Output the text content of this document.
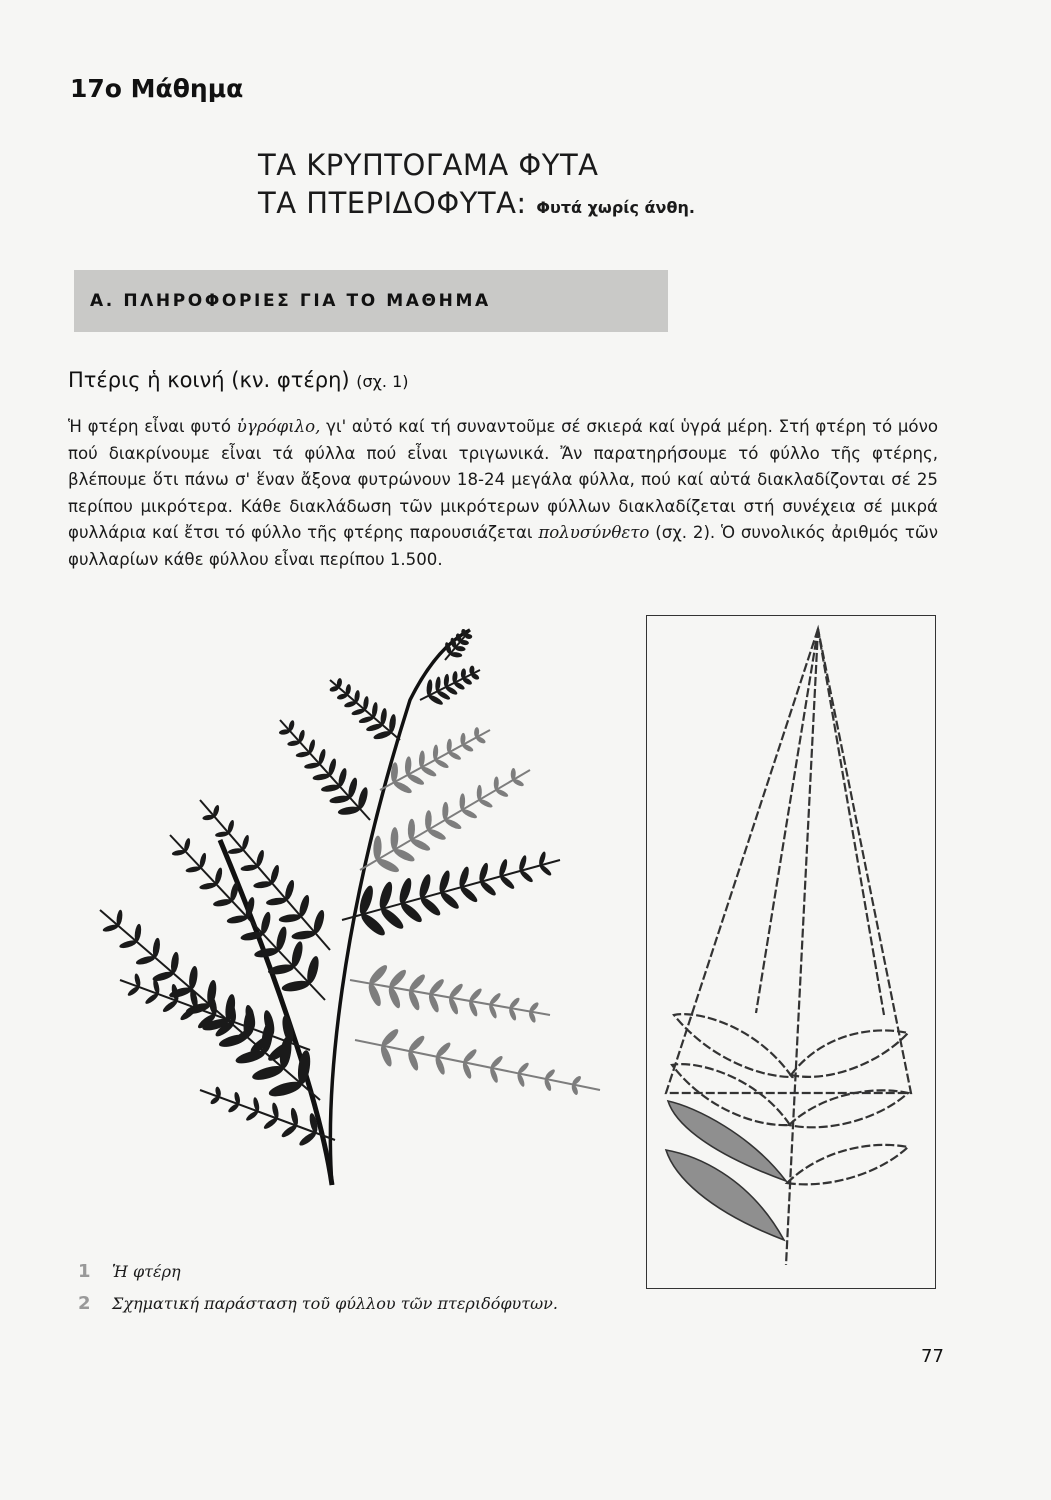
17ο Μάθημα
ΤΑ ΚΡΥΠΤΟΓΑΜΑ ΦΥΤΑ
ΤΑ ΠΤΕΡΙΔΟΦΥΤΑ: Φυτά χωρίς άνθη.
Α. ΠΛΗΡΟΦΟΡΙΕΣ ΓΙΑ ΤΟ ΜΑΘΗΜΑ
Πτέρις ἡ κοινή (κν. φτέρη) (σχ. 1)

Ἡ φτέρη εἶναι φυτό ὑγρόφιλο, γι' αὐτό καί τή συναντοῦμε σέ σκιερά καί ὑγρά μέρη. Στή φτέρη τό μόνο πού διακρίνουμε εἶναι τά φύλλα πού εἶναι τριγωνικά. Ἄν παρατηρήσουμε τό φύλλο τῆς φτέρης, βλέπουμε ὅτι πάνω σ' ἕναν ἄξονα φυτρώνουν 18-24 μεγάλα φύλλα, πού καί αὐτά διακλαδίζονται σέ 25 περίπου μικρότερα. Κάθε διακλάδωση τῶν μικρότερων φύλλων διακλαδίζεται στή συνέχεια σέ μικρά φυλλάρια καί ἔτσι τό φύλλο τῆς φτέρης παρουσιάζεται πολυσύνθετο (σχ. 2). Ὁ συνολικός ἀριθμός τῶν φυλλαρίων κάθε φύλλου εἶναι περίπου 1.500.

1 Ἡ φτέρη
2 Σχηματική παράσταση τοῦ φύλλου τῶν πτεριδόφυτων.
77
